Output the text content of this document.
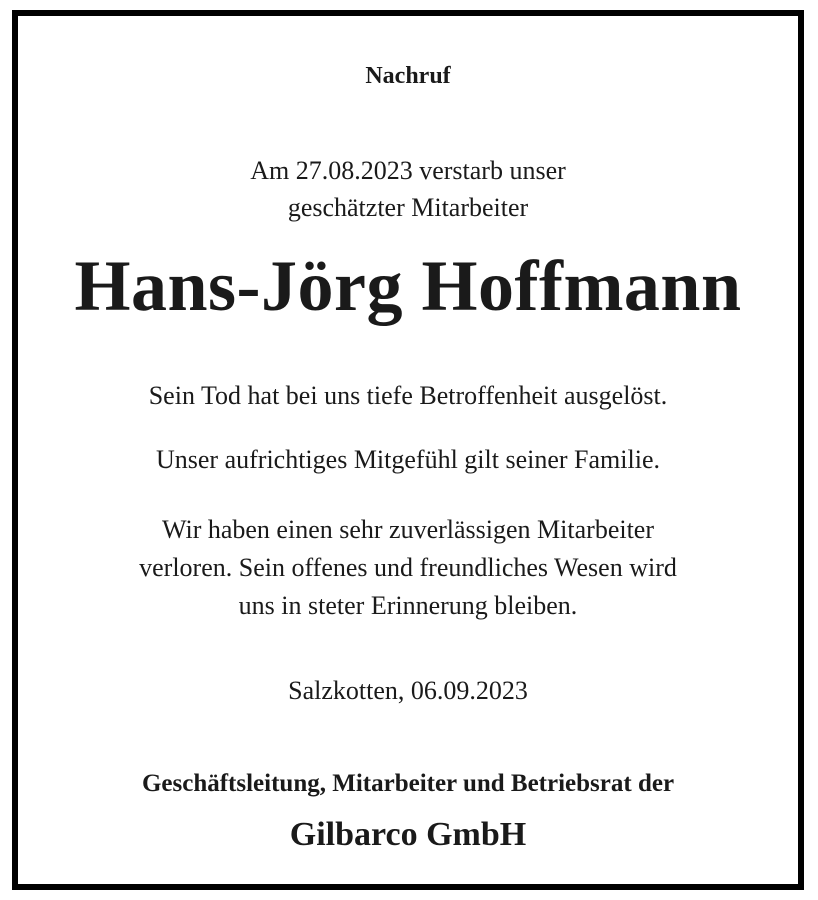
Nachruf
Am 27.08.2023 verstarb unser
geschätzter Mitarbeiter
Hans-Jörg Hoffmann
Sein Tod hat bei uns tiefe Betroffenheit ausgelöst.
Unser aufrichtiges Mitgefühl gilt seiner Familie.
Wir haben einen sehr zuverlässigen Mitarbeiter
verloren. Sein offenes und freundliches Wesen wird
uns in steter Erinnerung bleiben.
Salzkotten, 06.09.2023
Geschäftsleitung, Mitarbeiter und Betriebsrat der
Gilbarco GmbH
